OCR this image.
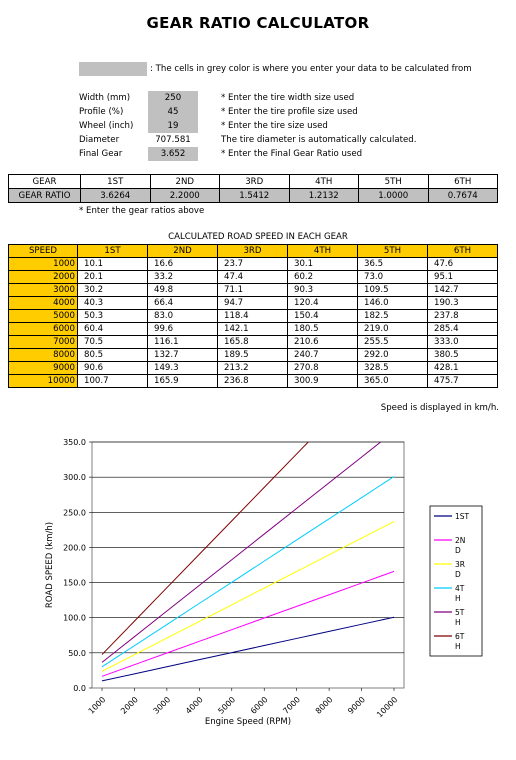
GEAR RATIO CALCULATOR
: The cells in grey color is where you enter your data to be calculated from
Width (mm)	250	* Enter the tire width size used
Profile (%)	45	* Enter the tire profile size used
Wheel (inch)	19	* Enter the tire size used
Diameter	707.581	The tire diameter is automatically calculated.
Final Gear	3.652	* Enter the Final Gear Ratio used
GEAR	1ST	2ND	3RD	4TH	5TH	6TH
GEAR RATIO	3.6264	2.2000	1.5412	1.2132	1.0000	0.7674
* Enter the gear ratios above
CALCULATED ROAD SPEED IN EACH GEAR
SPEED	1ST	2ND	3RD	4TH	5TH	6TH
1000	10.1	16.6	23.7	30.1	36.5	47.6
2000	20.1	33.2	47.4	60.2	73.0	95.1
3000	30.2	49.8	71.1	90.3	109.5	142.7
4000	40.3	66.4	94.7	120.4	146.0	190.3
5000	50.3	83.0	118.4	150.4	182.5	237.8
6000	60.4	99.6	142.1	180.5	219.0	285.4
7000	70.5	116.1	165.8	210.6	255.5	333.0
8000	80.5	132.7	189.5	240.7	292.0	380.5
9000	90.6	149.3	213.2	270.8	328.5	428.1
10000	100.7	165.9	236.8	300.9	365.0	475.7
Speed is displayed in km/h.
0.0
50.0
100.0
150.0
200.0
250.0
300.0
350.0
1000 2000 3000 4000 5000 6000 7000 8000 9000 10000
Engine Speed (RPM)
ROAD SPEED (km/h)
1ST
2N
D
3R
D
4T
H
5T
H
6T
H
